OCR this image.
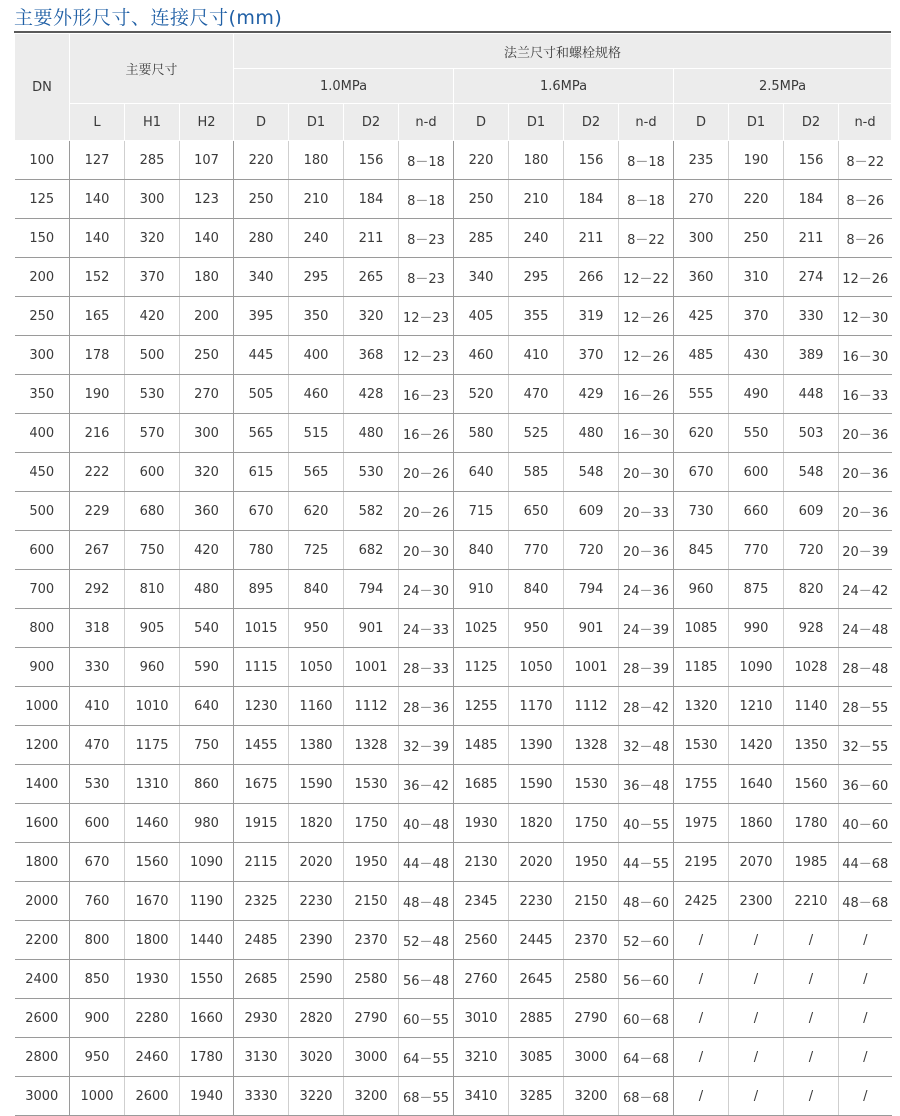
主要外形尺寸、连接尺寸(mm)
DN	主要尺寸			法兰尺寸和螺栓规格											
				1.0MPa				1.6MPa				2.5MPa			
	L	H1	H2	D	D1	D2	n-d	D	D1	D2	n-d	D	D1	D2	n-d
100	127	285	107	220	180	156	8－18	220	180	156	8－18	235	190	156	8－22
125	140	300	123	250	210	184	8－18	250	210	184	8－18	270	220	184	8－26
150	140	320	140	280	240	211	8－23	285	240	211	8－22	300	250	211	8－26
200	152	370	180	340	295	265	8－23	340	295	266	12－22	360	310	274	12－26
250	165	420	200	395	350	320	12－23	405	355	319	12－26	425	370	330	12－30
300	178	500	250	445	400	368	12－23	460	410	370	12－26	485	430	389	16－30
350	190	530	270	505	460	428	16－23	520	470	429	16－26	555	490	448	16－33
400	216	570	300	565	515	480	16－26	580	525	480	16－30	620	550	503	20－36
450	222	600	320	615	565	530	20－26	640	585	548	20－30	670	600	548	20－36
500	229	680	360	670	620	582	20－26	715	650	609	20－33	730	660	609	20－36
600	267	750	420	780	725	682	20－30	840	770	720	20－36	845	770	720	20－39
700	292	810	480	895	840	794	24－30	910	840	794	24－36	960	875	820	24－42
800	318	905	540	1015	950	901	24－33	1025	950	901	24－39	1085	990	928	24－48
900	330	960	590	1115	1050	1001	28－33	1125	1050	1001	28－39	1185	1090	1028	28－48
1000	410	1010	640	1230	1160	1112	28－36	1255	1170	1112	28－42	1320	1210	1140	28－55
1200	470	1175	750	1455	1380	1328	32－39	1485	1390	1328	32－48	1530	1420	1350	32－55
1400	530	1310	860	1675	1590	1530	36－42	1685	1590	1530	36－48	1755	1640	1560	36－60
1600	600	1460	980	1915	1820	1750	40－48	1930	1820	1750	40－55	1975	1860	1780	40－60
1800	670	1560	1090	2115	2020	1950	44－48	2130	2020	1950	44－55	2195	2070	1985	44－68
2000	760	1670	1190	2325	2230	2150	48－48	2345	2230	2150	48－60	2425	2300	2210	48－68
2200	800	1800	1440	2485	2390	2370	52－48	2560	2445	2370	52－60	/	/	/	/
2400	850	1930	1550	2685	2590	2580	56－48	2760	2645	2580	56－60	/	/	/	/
2600	900	2280	1660	2930	2820	2790	60－55	3010	2885	2790	60－68	/	/	/	/
2800	950	2460	1780	3130	3020	3000	64－55	3210	3085	3000	64－68	/	/	/	/
3000	1000	2600	1940	3330	3220	3200	68－55	3410	3285	3200	68－68	/	/	/	/
